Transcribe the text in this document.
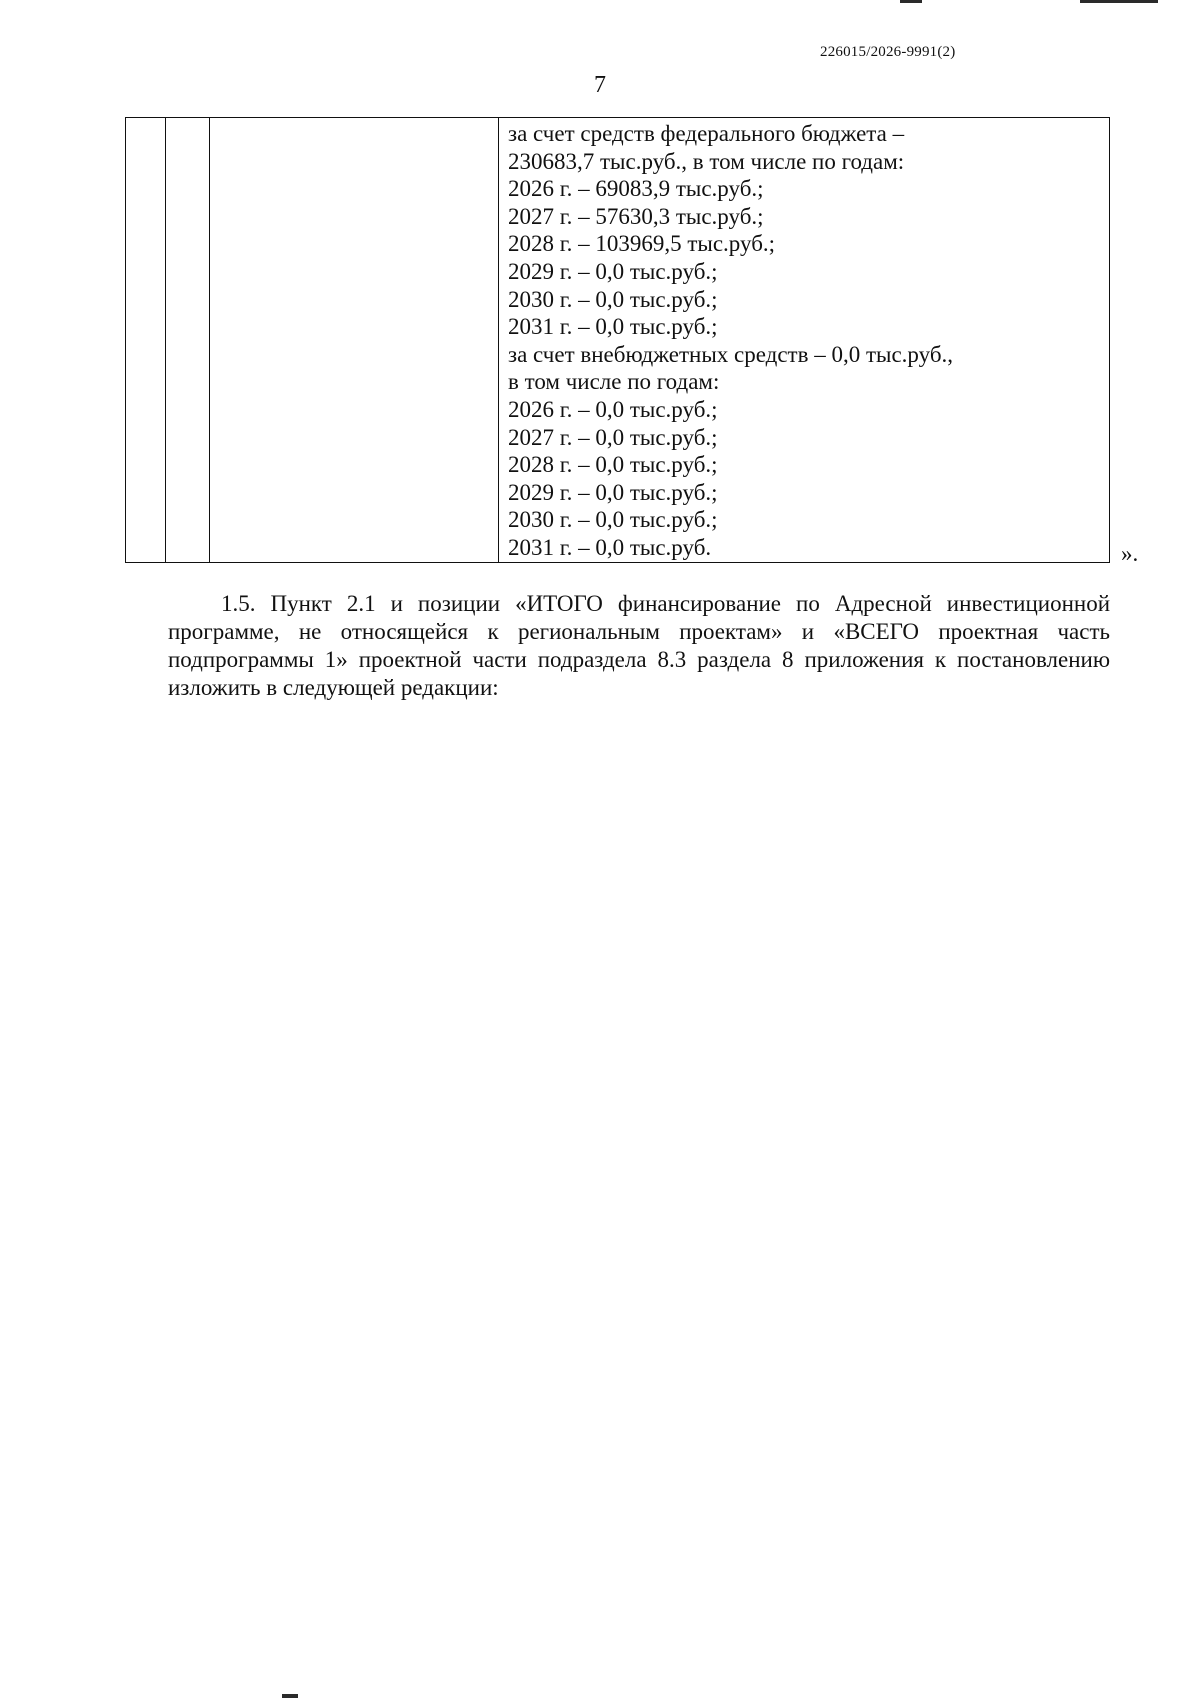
226015/2026-9991(2)
7
за счет средств федерального бюджета –
230683,7 тыс.руб., в том числе по годам:
2026 г. – 69083,9 тыс.руб.;
2027 г. – 57630,3 тыс.руб.;
2028 г. – 103969,5 тыс.руб.;
2029 г. – 0,0 тыс.руб.;
2030 г. – 0,0 тыс.руб.;
2031 г. – 0,0 тыс.руб.;
за счет внебюджетных средств – 0,0 тыс.руб.,
в том числе по годам:
2026 г. – 0,0 тыс.руб.;
2027 г. – 0,0 тыс.руб.;
2028 г. – 0,0 тыс.руб.;
2029 г. – 0,0 тыс.руб.;
2030 г. – 0,0 тыс.руб.;
2031 г. – 0,0 тыс.руб.	».
1.5. Пункт 2.1 и позиции «ИТОГО финансирование по Адресной инвестиционной программе, не относящейся к региональным проектам» и «ВСЕГО проектная часть подпрограммы 1» проектной части подраздела 8.3 раздела 8 приложения к постановлению изложить в следующей редакции:
